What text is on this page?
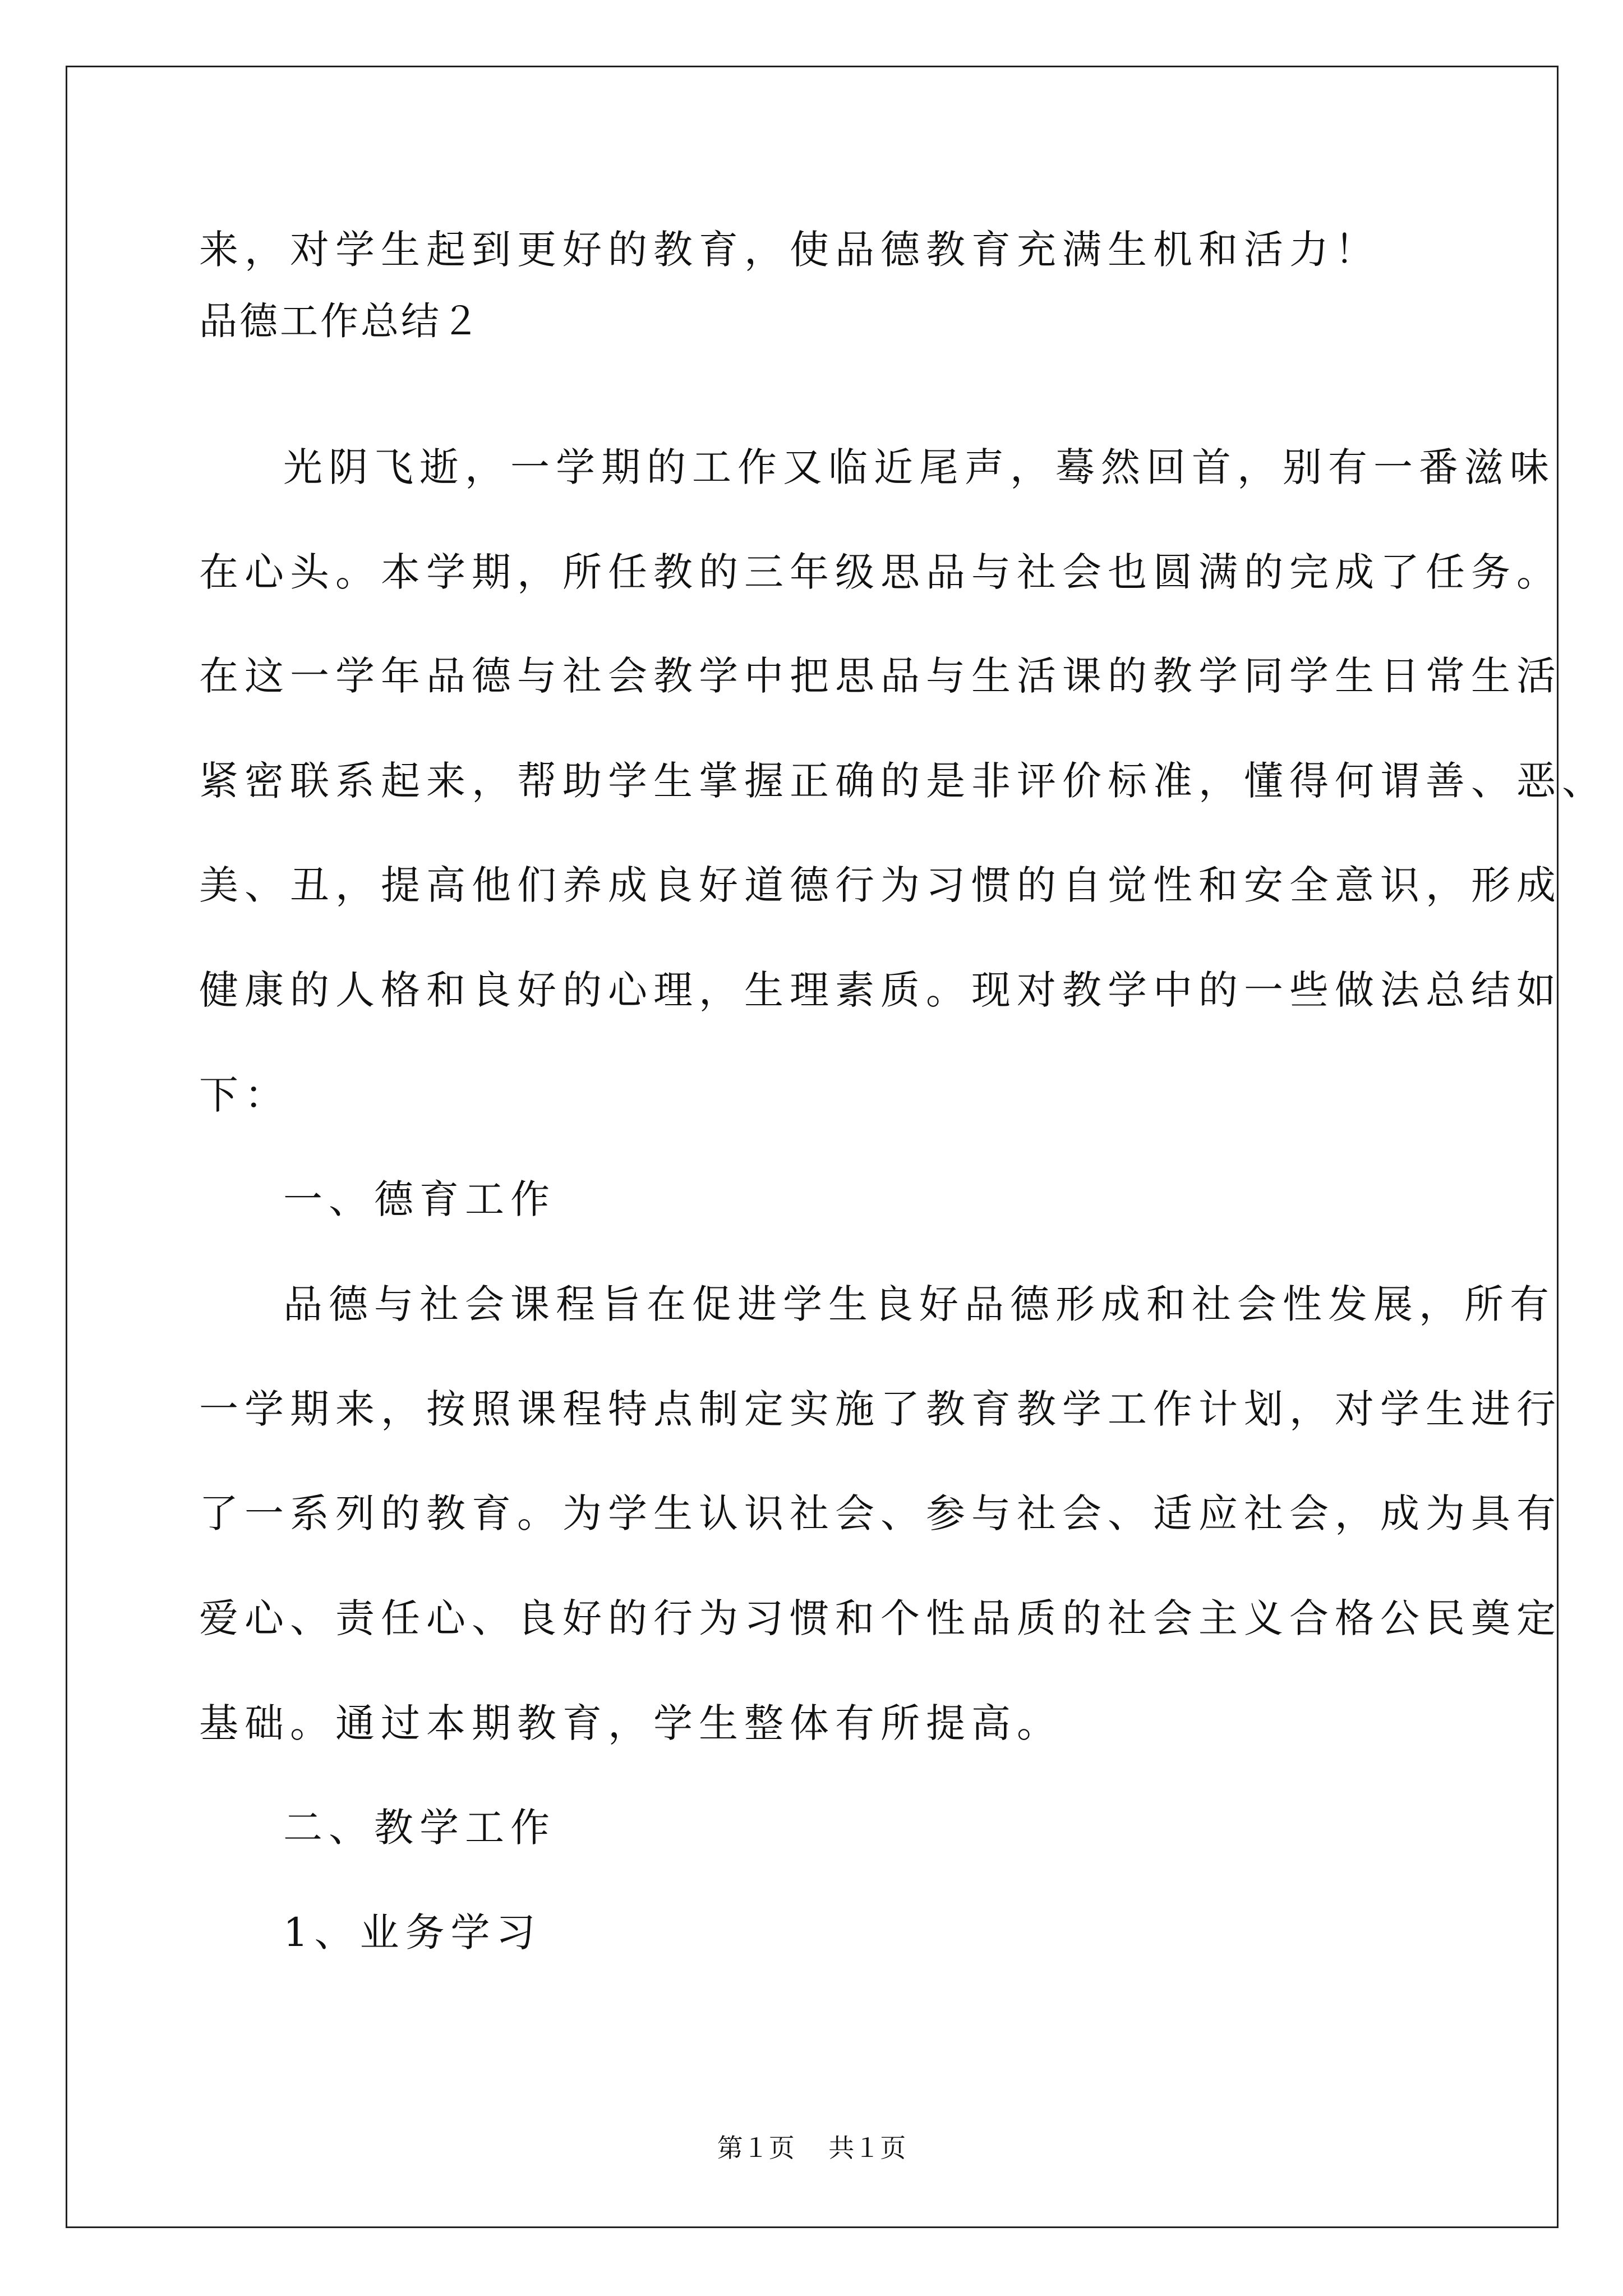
来，对学生起到更好的教育，使品德教育充满生机和活力！
品德工作总结２
光阴飞逝，一学期的工作又临近尾声，蓦然回首，别有一番滋味
在心头。本学期，所任教的三年级思品与社会也圆满的完成了任务。
在这一学年品德与社会教学中把思品与生活课的教学同学生日常生活
紧密联系起来，帮助学生掌握正确的是非评价标准，懂得何谓善、恶、
美、丑，提高他们养成良好道德行为习惯的自觉性和安全意识，形成
健康的人格和良好的心理，生理素质。现对教学中的一些做法总结如
下：
一、德育工作
品德与社会课程旨在促进学生良好品德形成和社会性发展，所有
一学期来，按照课程特点制定实施了教育教学工作计划，对学生进行
了一系列的教育。为学生认识社会、参与社会、适应社会，成为具有
爱心、责任心、良好的行为习惯和个性品质的社会主义合格公民奠定
基础。通过本期教育，学生整体有所提高。
二、教学工作
1、业务学习
第１页　 共１页
